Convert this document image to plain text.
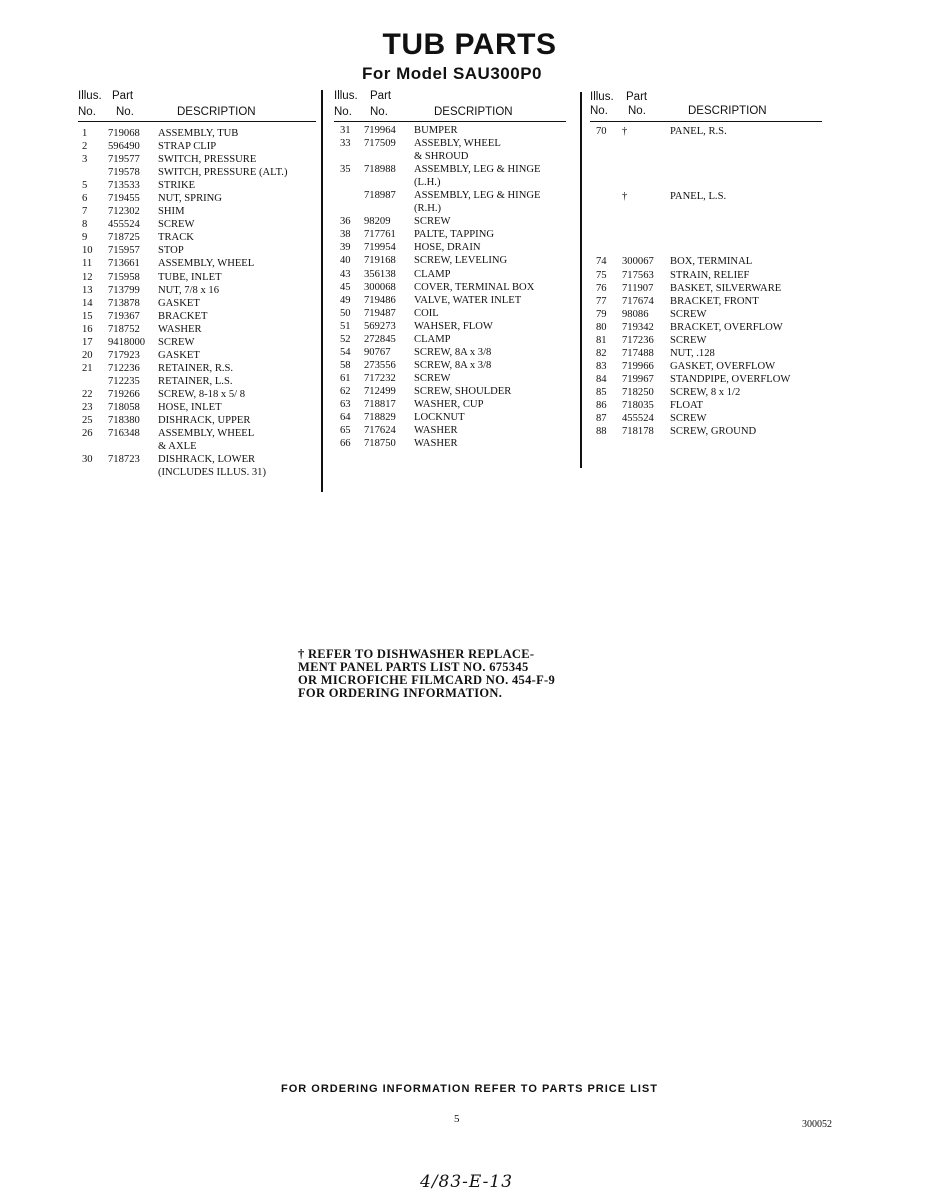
TUB PARTS
For Model SAU300P0
Illus. Part
No. No.	DESCRIPTION
1 719068 ASSEMBLY, TUB
2 596490 STRAP CLIP
3 719577 SWITCH, PRESSURE
719578 SWITCH, PRESSURE (ALT.)
5 713533 STRIKE
6 719455 NUT, SPRING
7 712302 SHIM
8 455524 SCREW
9 718725 TRACK
10 715957 STOP
11 713661 ASSEMBLY, WHEEL
12 715958 TUBE, INLET
13 713799 NUT, 7/8 x 16
14 713878 GASKET
15 719367 BRACKET
16 718752 WASHER
17 9418000 SCREW
20 717923 GASKET
21 712236 RETAINER, R.S.
712235 RETAINER, L.S.
22 719266 SCREW, 8-18 x 5/ 8
23 718058 HOSE, INLET
25 718380 DISHRACK, UPPER
26 716348 ASSEMBLY, WHEEL
& AXLE
30 718723 DISHRACK, LOWER
(INCLUDES ILLUS. 31)
Illus. Part
No. No.	DESCRIPTION
31 719964 BUMPER
33 717509 ASSEBLY, WHEEL
& SHROUD
35 718988 ASSEMBLY, LEG & HINGE
(L.H.)
718987 ASSEMBLY, LEG & HINGE
(R.H.)
36 98209 SCREW
38 717761 PALTE, TAPPING
39 719954 HOSE, DRAIN
40 719168 SCREW, LEVELING
43 356138 CLAMP
45 300068 COVER, TERMINAL BOX
49 719486 VALVE, WATER INLET
50 719487 COIL
51 569273 WAHSER, FLOW
52 272845 CLAMP
54 90767 SCREW, 8A x 3/8
58 273556 SCREW, 8A x 3/8
61 717232 SCREW
62 712499 SCREW, SHOULDER
63 718817 WASHER, CUP
64 718829 LOCKNUT
65 717624 WASHER
66 718750 WASHER
Illus. Part
No. No.	DESCRIPTION
70 †	PANEL, R.S.
†	PANEL, L.S.
74 300067 BOX, TERMINAL
75 717563 STRAIN, RELIEF
76 711907 BASKET, SILVERWARE
77 717674 BRACKET, FRONT
79 98086 SCREW
80 719342 BRACKET, OVERFLOW
81 717236 SCREW
82 717488 NUT, .128
83 719966 GASKET, OVERFLOW
84 719967 STANDPIPE, OVERFLOW
85 718250 SCREW, 8 x 1/2
86 718035 FLOAT
87 455524 SCREW
88 718178 SCREW, GROUND
† REFER TO DISHWASHER REPLACE-
MENT PANEL PARTS LIST NO. 675345
OR MICROFICHE FILMCARD NO. 454-F-9
FOR ORDERING INFORMATION.
FOR ORDERING INFORMATION REFER TO PARTS PRICE LIST
5	300052
4/83-E-13
